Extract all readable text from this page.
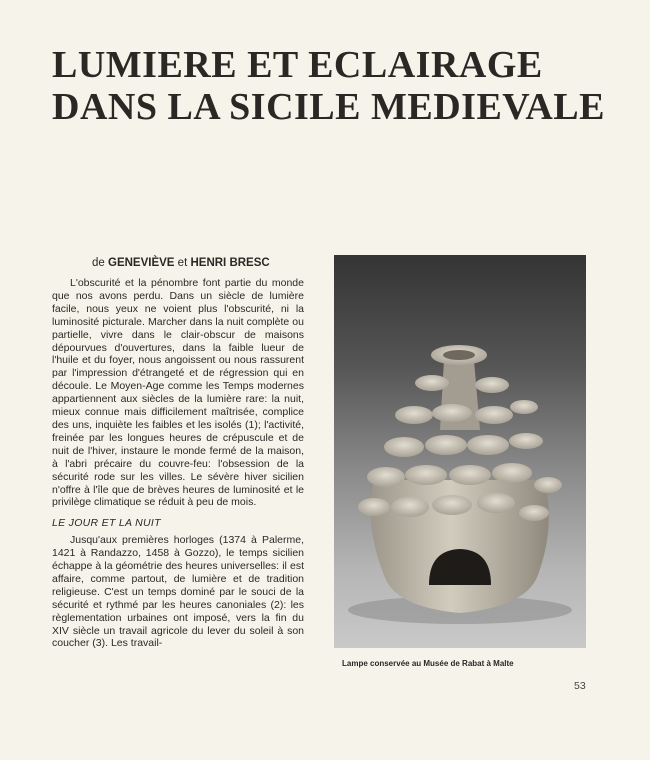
LUMIERE ET ECLAIRAGE
DANS LA SICILE MEDIEVALE
de GENEVIÈVE et HENRI BRESC

L'obscurité et la pénombre font partie du monde que nos avons perdu. Dans un siècle de lumière facile, nous yeux ne voient plus l'obscurité, ni la luminosité picturale. Marcher dans la nuit complète ou partielle, vivre dans le clair-obscur de maisons dépourvues d'ouvertures, dans la faible lueur de l'huile et du foyer, nous angoissent ou nous rassurent par l'impression d'étrangeté et de régression qui en découle. Le Moyen-Age comme les Temps modernes appartiennent aux siècles de la lumière rare: la nuit, mieux connue mais difficilement maîtrisée, complice des uns, inquiète les faibles et les isolés (1); l'activité, freinée par les longues heures de crépuscule et de nuit de l'hiver, instaure le monde fermé de la maison, à l'abri précaire du couvre-feu: l'obsession de la sécurité rode sur les villes. Le sévère hiver sicilien n'offre à l'île que de brèves heures de luminosité et le privilège climatique se réduit à peu de mois.

LE JOUR ET LA NUIT

Jusqu'aux premières horloges (1374 à Palerme, 1421 à Randazzo, 1458 à Gozzo), le temps sicilien échappe à la géométrie des heures universelles: il est affaire, comme partout, de lumière et de tradition religieuse. C'est un temps dominé par le souci de la sécurité et rythmé par les heures canoniales (2): les règlementation urbaines ont imposé, vers la fin du XIV siècle un travail agricole du lever du soleil à son coucher (3). Les travail-

Lampe conservée au Musée de Rabat à Malte
53
